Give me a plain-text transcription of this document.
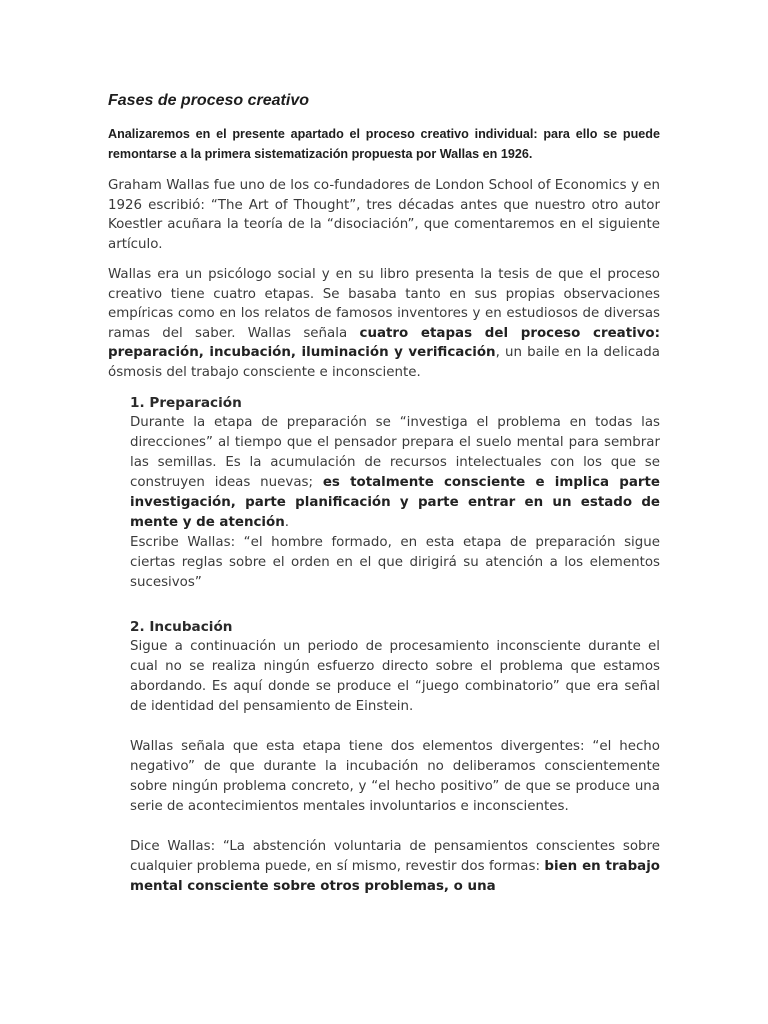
Fases de proceso creativo

Analizaremos en el presente apartado el proceso creativo individual: para ello se puede remontarse a la primera sistematización propuesta por Wallas en 1926.

Graham Wallas fue uno de los co-fundadores de London School of Economics y en 1926 escribió: “The Art of Thought”, tres décadas antes que nuestro otro autor Koestler acuñara la teoría de la “disociación”, que comentaremos en el siguiente artículo.

Wallas era un psicólogo social y en su libro presenta la tesis de que el proceso creativo tiene cuatro etapas. Se basaba tanto en sus propias observaciones empíricas como en los relatos de famosos inventores y en estudiosos de diversas ramas del saber. Wallas señala cuatro etapas del proceso creativo: preparación, incubación, iluminación y verificación, un baile en la delicada ósmosis del trabajo consciente e inconsciente.

1. Preparación

Durante la etapa de preparación se “investiga el problema en todas las direcciones” al tiempo que el pensador prepara el suelo mental para sembrar las semillas. Es la acumulación de recursos intelectuales con los que se construyen ideas nuevas; es totalmente consciente e implica parte investigación, parte planificación y parte entrar en un estado de mente y de atención.

Escribe Wallas: “el hombre formado, en esta etapa de preparación sigue ciertas reglas sobre el orden en el que dirigirá su atención a los elementos sucesivos”

2. Incubación

Sigue a continuación un periodo de procesamiento inconsciente durante el cual no se realiza ningún esfuerzo directo sobre el problema que estamos abordando. Es aquí donde se produce el “juego combinatorio” que era señal de identidad del pensamiento de Einstein.

Wallas señala que esta etapa tiene dos elementos divergentes: “el hecho negativo” de que durante la incubación no deliberamos conscientemente sobre ningún problema concreto, y “el hecho positivo” de que se produce una serie de acontecimientos mentales involuntarios e inconscientes.

Dice Wallas: “La abstención voluntaria de pensamientos conscientes sobre cualquier problema puede, en sí mismo, revestir dos formas: bien en trabajo mental consciente sobre otros problemas, o una
